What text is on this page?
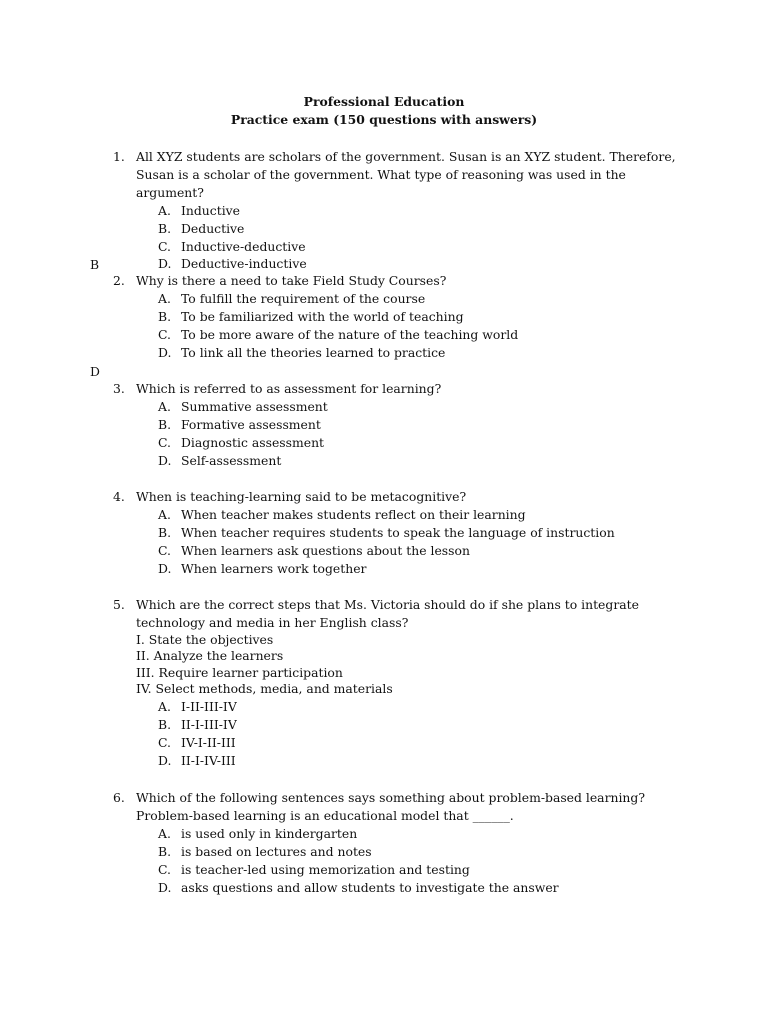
Professional Education
Practice exam (150 questions with answers)
1. All XYZ students are scholars of the government. Susan is an XYZ student. Therefore, Susan is a scholar of the government. What type of reasoning was used in the argument?
A. Inductive
B. Deductive
C. Inductive-deductive
D. Deductive-inductive
B
2. Why is there a need to take Field Study Courses?
A. To fulfill the requirement of the course
B. To be familiarized with the world of teaching
C. To be more aware of the nature of the teaching world
D. To link all the theories learned to practice
D
3. Which is referred to as assessment for learning?
A. Summative assessment
B. Formative assessment
C. Diagnostic assessment
D. Self-assessment
4. When is teaching-learning said to be metacognitive?
A. When teacher makes students reflect on their learning
B. When teacher requires students to speak the language of instruction
C. When learners ask questions about the lesson
D. When learners work together
5. Which are the correct steps that Ms. Victoria should do if she plans to integrate technology and media in her English class?
I. State the objectives
II. Analyze the learners
III. Require learner participation
IV. Select methods, media, and materials
A. I-II-III-IV
B. II-I-III-IV
C. IV-I-II-III
D. II-I-IV-III
6. Which of the following sentences says something about problem-based learning? Problem-based learning is an educational model that ______.
A. is used only in kindergarten
B. is based on lectures and notes
C. is teacher-led using memorization and testing
D. asks questions and allow students to investigate the answer
